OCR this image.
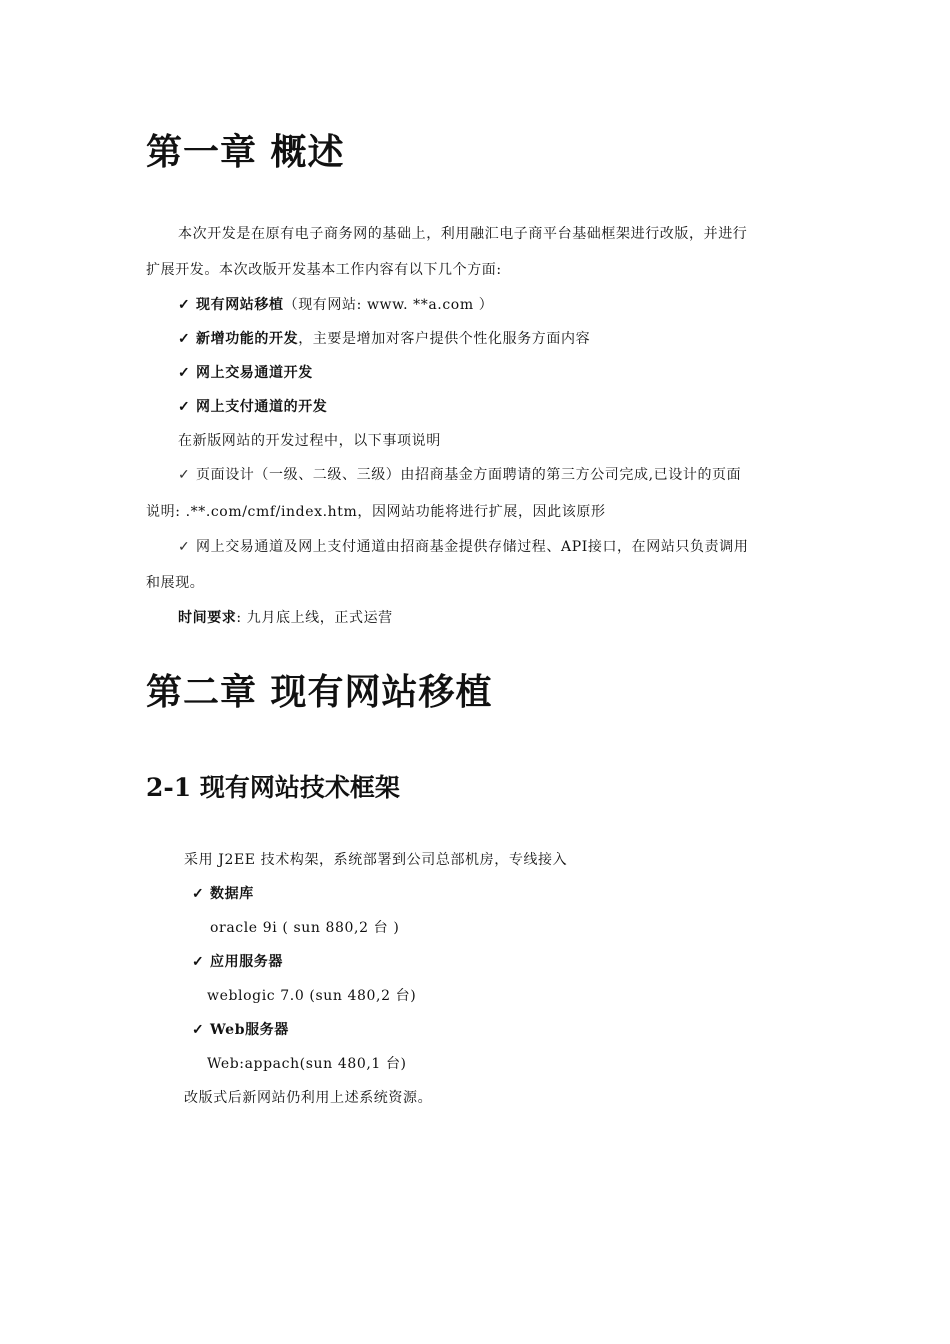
第一章 概述
本次开发是在原有电子商务网的基础上，利用融汇电子商平台基础框架进行改版，并进行
扩展开发。本次改版开发基本工作内容有以下几个方面:
✓ 现有网站移植（现有网站: www. **a.com ）
✓ 新增功能的开发，主要是增加对客户提供个性化服务方面内容
✓ 网上交易通道开发
✓ 网上支付通道的开发
在新版网站的开发过程中，以下事项说明
✓ 页面设计（一级、二级、三级）由招商基金方面聘请的第三方公司完成,已设计的页面
说明: .**.com/cmf/index.htm，因网站功能将进行扩展，因此该原形
✓ 网上交易通道及网上支付通道由招商基金提供存储过程、API接口，在网站只负责调用
和展现。
时间要求: 九月底上线，正式运营
第二章 现有网站移植
2-1 现有网站技术框架
采用 J2EE 技术构架，系统部署到公司总部机房，专线接入
✓ 数据库
oracle 9i ( sun 880,2 台 )
✓ 应用服务器
weblogic 7.0 (sun 480,2 台)
✓ Web服务器
Web:appach(sun 480,1 台)
改版式后新网站仍利用上述系统资源。
